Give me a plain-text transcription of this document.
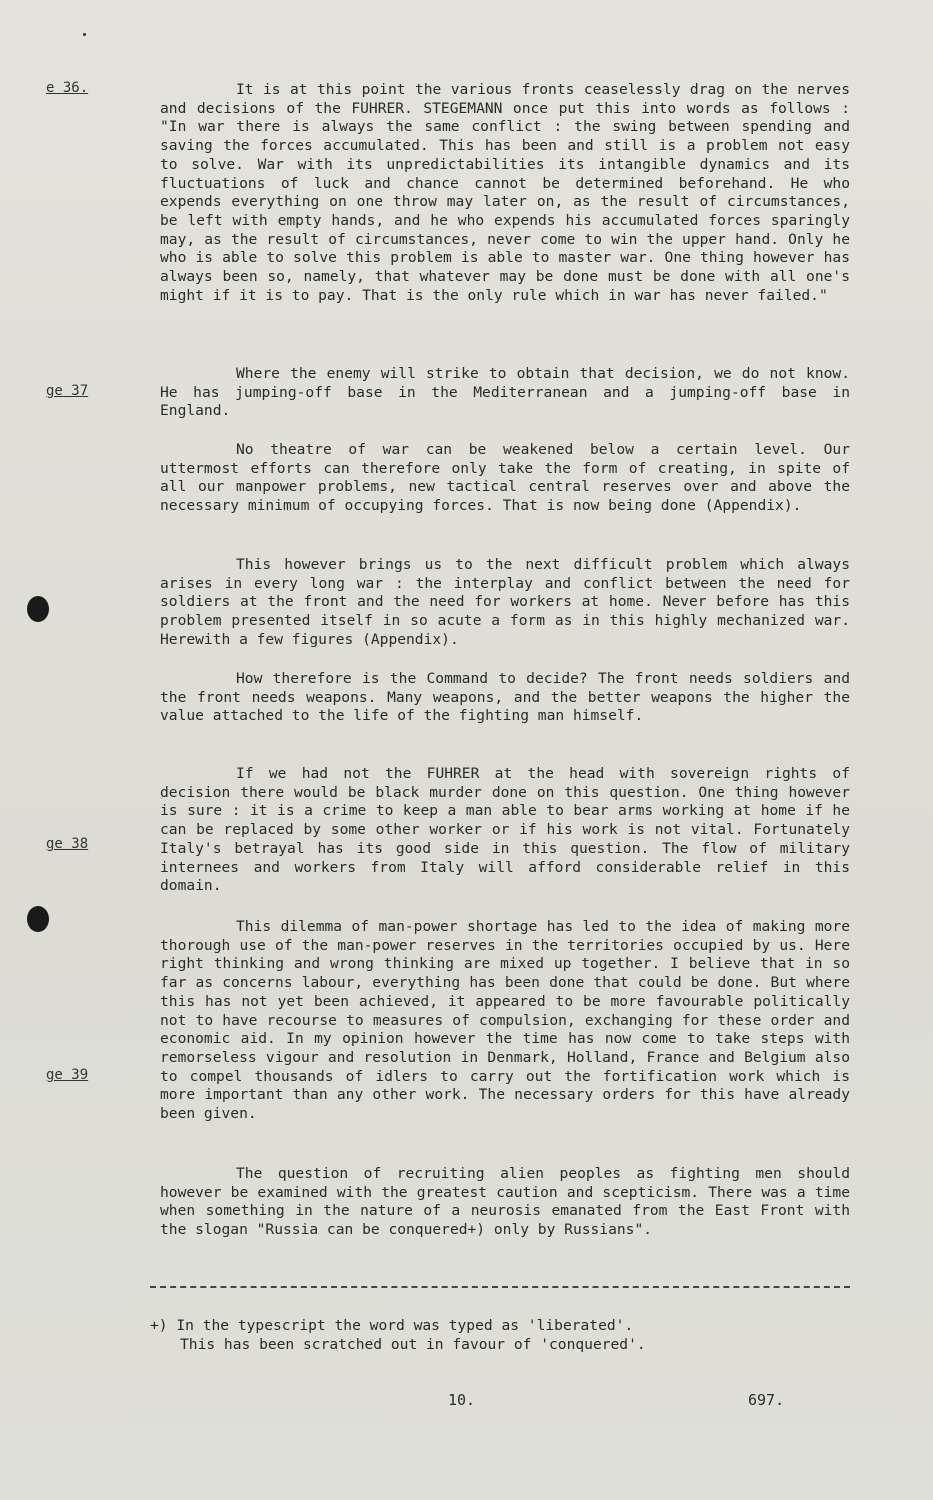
e 36.
ge 37
ge 38
ge 39
It is at this point the various fronts ceaselessly drag on the nerves and decisions of the FUHRER. STEGEMANN once put this into words as follows : "In war there is always the same conflict : the swing between spending and saving the forces accumulated. This has been and still is a problem not easy to solve. War with its unpredictabilities its intangible dynamics and its fluctuations of luck and chance cannot be determined beforehand. He who expends everything on one throw may later on, as the result of circumstances, be left with empty hands, and he who expends his accumulated forces sparingly may, as the result of circumstances, never come to win the upper hand. Only he who is able to solve this problem is able to master war. One thing however has always been so, namely, that whatever may be done must be done with all one's might if it is to pay. That is the only rule which in war has never failed."
Where the enemy will strike to obtain that decision, we do not know. He has jumping-off base in the Mediterranean and a jumping-off base in England.
No theatre of war can be weakened below a certain level. Our uttermost efforts can therefore only take the form of creating, in spite of all our manpower problems, new tactical central reserves over and above the necessary minimum of occupying forces. That is now being done (Appendix).
This however brings us to the next difficult problem which always arises in every long war : the interplay and conflict between the need for soldiers at the front and the need for workers at home. Never before has this problem presented itself in so acute a form as in this highly mechanized war. Herewith a few figures (Appendix).
How therefore is the Command to decide? The front needs soldiers and the front needs weapons. Many weapons, and the better weapons the higher the value attached to the life of the fighting man himself.
If we had not the FUHRER at the head with sovereign rights of decision there would be black murder done on this question. One thing however is sure : it is a crime to keep a man able to bear arms working at home if he can be replaced by some other worker or if his work is not vital. Fortunately Italy's betrayal has its good side in this question. The flow of military internees and workers from Italy will afford considerable relief in this domain.
This dilemma of man-power shortage has led to the idea of making more thorough use of the man-power reserves in the territories occupied by us. Here right thinking and wrong thinking are mixed up together. I believe that in so far as concerns labour, everything has been done that could be done. But where this has not yet been achieved, it appeared to be more favourable politically not to have recourse to measures of compulsion, exchanging for these order and economic aid. In my opinion however the time has now come to take steps with remorseless vigour and resolution in Denmark, Holland, France and Belgium also to compel thousands of idlers to carry out the fortification work which is more important than any other work. The necessary orders for this have already been given.
The question of recruiting alien peoples as fighting men should however be examined with the greatest caution and scepticism. There was a time when something in the nature of a neurosis emanated from the East Front with the slogan "Russia can be conquered+) only by Russians".
+) In the typescript the word was typed as 'liberated'.
This has been scratched out in favour of 'conquered'.
10.	697.
